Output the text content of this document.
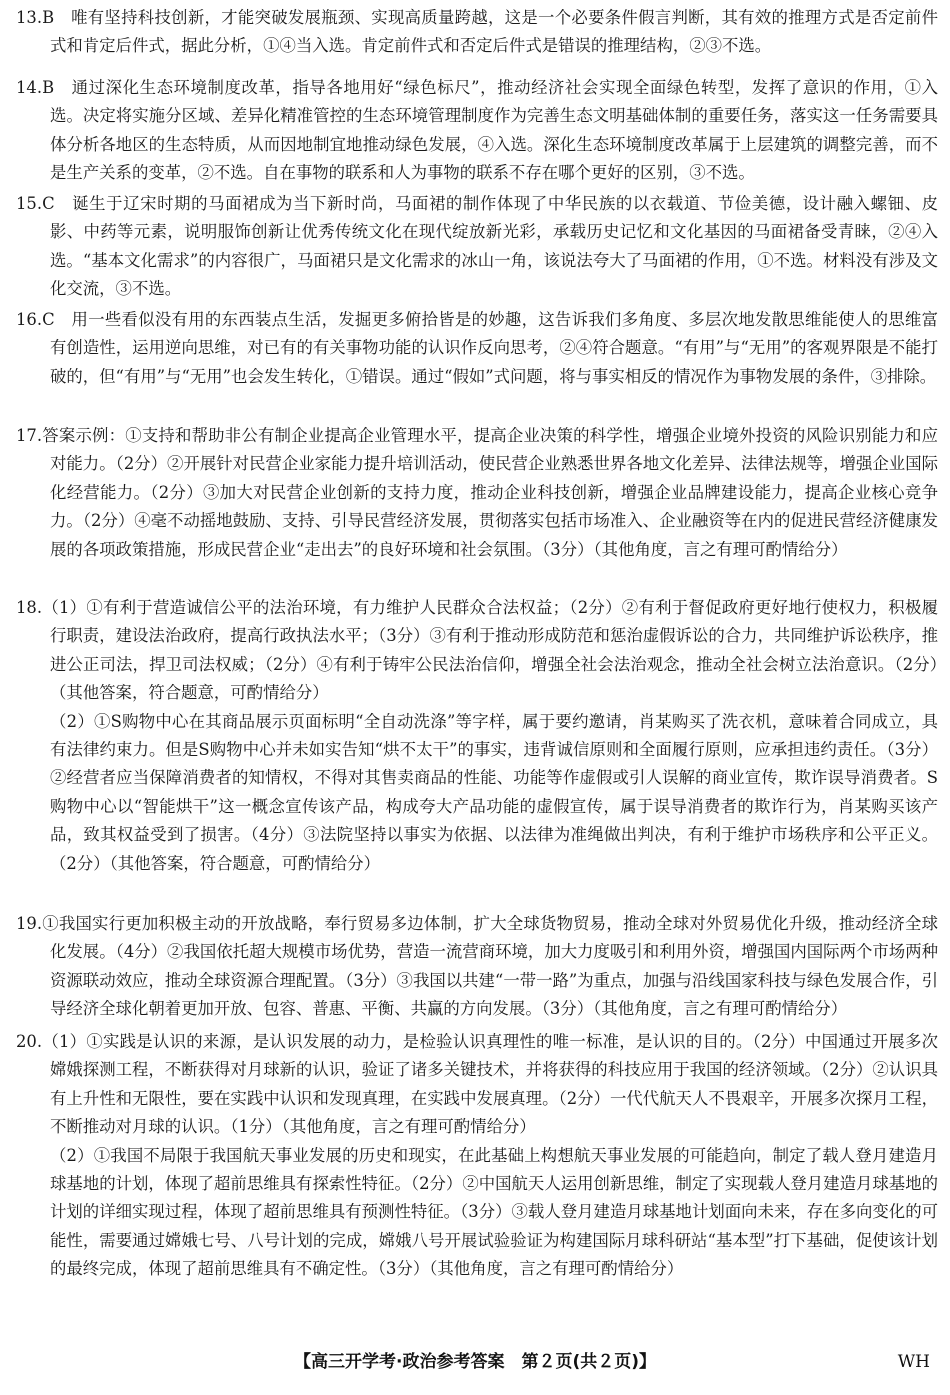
13.B　唯有坚持科技创新，才能突破发展瓶颈、实现高质量跨越，这是一个必要条件假言判断，其有效的推理方式是否定前件式和肯定后件式，据此分析，①④当入选。肯定前件式和否定后件式是错误的推理结构，②③不选。

14.B　通过深化生态环境制度改革，指导各地用好“绿色标尺”，推动经济社会实现全面绿色转型，发挥了意识的作用，①入选。决定将实施分区域、差异化精准管控的生态环境管理制度作为完善生态文明基础体制的重要任务，落实这一任务需要具体分析各地区的生态特质，从而因地制宜地推动绿色发展，④入选。深化生态环境制度改革属于上层建筑的调整完善，而不是生产关系的变革，②不选。自在事物的联系和人为事物的联系不存在哪个更好的区别，③不选。

15.C　诞生于辽宋时期的马面裙成为当下新时尚，马面裙的制作体现了中华民族的以衣载道、节俭美德，设计融入螺钿、皮影、中药等元素，说明服饰创新让优秀传统文化在现代绽放新光彩，承载历史记忆和文化基因的马面裙备受青睐，②④入选。“基本文化需求”的内容很广，马面裙只是文化需求的冰山一角，该说法夸大了马面裙的作用，①不选。材料没有涉及文化交流，③不选。

16.C　用一些看似没有用的东西装点生活，发掘更多俯拾皆是的妙趣，这告诉我们多角度、多层次地发散思维能使人的思维富有创造性，运用逆向思维，对已有的有关事物功能的认识作反向思考，②④符合题意。“有用”与“无用”的客观界限是不能打破的，但“有用”与“无用”也会发生转化，①错误。通过“假如”式问题，将与事实相反的情况作为事物发展的条件，③排除。

17.答案示例：①支持和帮助非公有制企业提高企业管理水平，提高企业决策的科学性，增强企业境外投资的风险识别能力和应对能力。（2分）②开展针对民营企业家能力提升培训活动，使民营企业熟悉世界各地文化差异、法律法规等，增强企业国际化经营能力。（2分）③加大对民营企业创新的支持力度，推动企业科技创新，增强企业品牌建设能力，提高企业核心竞争力。（2分）④毫不动摇地鼓励、支持、引导民营经济发展，贯彻落实包括市场准入、企业融资等在内的促进民营经济健康发展的各项政策措施，形成民营企业“走出去”的良好环境和社会氛围。（3分）（其他角度，言之有理可酌情给分）

18.（1）①有利于营造诚信公平的法治环境，有力维护人民群众合法权益；（2分）②有利于督促政府更好地行使权力，积极履行职责，建设法治政府，提高行政执法水平；（3分）③有利于推动形成防范和惩治虚假诉讼的合力，共同维护诉讼秩序，推进公正司法，捍卫司法权威；（2分）④有利于铸牢公民法治信仰，增强全社会法治观念，推动全社会树立法治意识。（2分）（其他答案，符合题意，可酌情给分）

（2）①S购物中心在其商品展示页面标明“全自动洗涤”等字样，属于要约邀请，肖某购买了洗衣机，意味着合同成立，具有法律约束力。但是S购物中心并未如实告知“烘不太干”的事实，违背诚信原则和全面履行原则，应承担违约责任。（3分）②经营者应当保障消费者的知情权，不得对其售卖商品的性能、功能等作虚假或引人误解的商业宣传，欺诈误导消费者。S购物中心以“智能烘干”这一概念宣传该产品，构成夸大产品功能的虚假宣传，属于误导消费者的欺诈行为，肖某购买该产品，致其权益受到了损害。（4分）③法院坚持以事实为依据、以法律为准绳做出判决，有利于维护市场秩序和公平正义。（2分）（其他答案，符合题意，可酌情给分）

19.①我国实行更加积极主动的开放战略，奉行贸易多边体制，扩大全球货物贸易，推动全球对外贸易优化升级，推动经济全球化发展。（4分）②我国依托超大规模市场优势，营造一流营商环境，加大力度吸引和利用外资，增强国内国际两个市场两种资源联动效应，推动全球资源合理配置。（3分）③我国以共建“一带一路”为重点，加强与沿线国家科技与绿色发展合作，引导经济全球化朝着更加开放、包容、普惠、平衡、共赢的方向发展。（3分）（其他角度，言之有理可酌情给分）

20.（1）①实践是认识的来源，是认识发展的动力，是检验认识真理性的唯一标准，是认识的目的。（2分）中国通过开展多次嫦娥探测工程，不断获得对月球新的认识，验证了诸多关键技术，并将获得的科技应用于我国的经济领域。（2分）②认识具有上升性和无限性，要在实践中认识和发现真理，在实践中发展真理。（2分）一代代航天人不畏艰辛，开展多次探月工程，不断推动对月球的认识。（1分）（其他角度，言之有理可酌情给分）

（2）①我国不局限于我国航天事业发展的历史和现实，在此基础上构想航天事业发展的可能趋向，制定了载人登月建造月球基地的计划，体现了超前思维具有探索性特征。（2分）②中国航天人运用创新思维，制定了实现载人登月建造月球基地的计划的详细实现过程，体现了超前思维具有预测性特征。（3分）③载人登月建造月球基地计划面向未来，存在多向变化的可能性，需要通过嫦娥七号、八号计划的完成，嫦娥八号开展试验验证为构建国际月球科研站“基本型”打下基础，促使该计划的最终完成，体现了超前思维具有不确定性。（3分）（其他角度，言之有理可酌情给分）

【高三开学考·政治参考答案　第２页(共２页)】	WH
